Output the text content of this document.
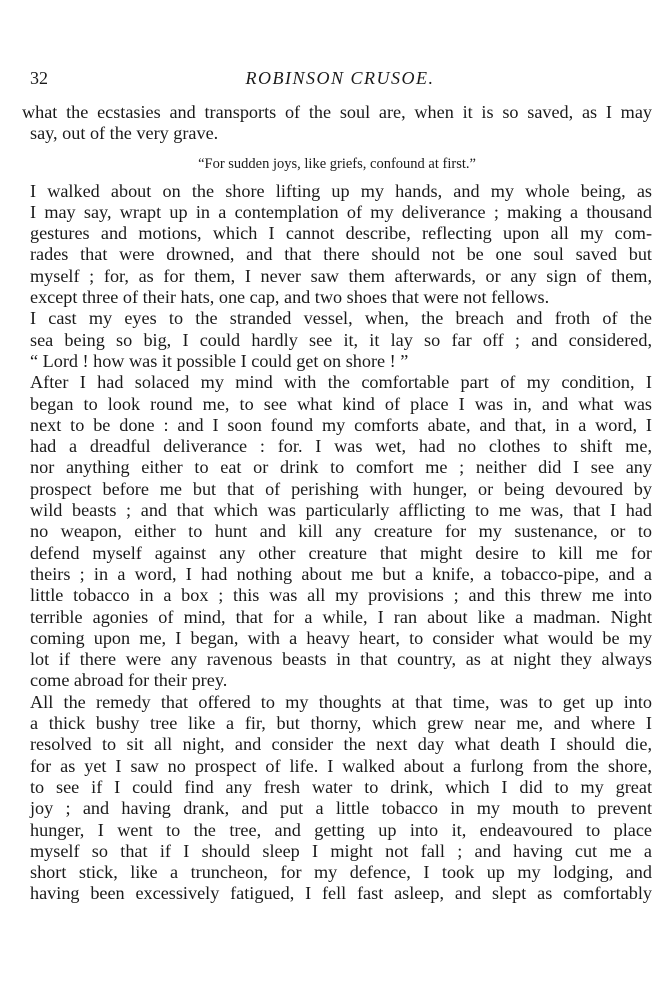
32	ROBINSON CRUSOE.
what the ecstasies and transports of the soul are, when it is so saved, as I may
say, out of the very grave.
“For sudden joys, like griefs, confound at first.”
I walked about on the shore lifting up my hands, and my whole being, as
I may say, wrapt up in a contemplation of my deliverance ; making a thousand
gestures and motions, which I cannot describe, reflecting upon all my com-
rades that were drowned, and that there should not be one soul saved but
myself ; for, as for them, I never saw them afterwards, or any sign of them,
except three of their hats, one cap, and two shoes that were not fellows.
I cast my eyes to the stranded vessel, when, the breach and froth of the
sea being so big, I could hardly see it, it lay so far off ; and considered,
“ Lord ! how was it possible I could get on shore ! ”
After I had solaced my mind with the comfortable part of my condition, I
began to look round me, to see what kind of place I was in, and what was
next to be done : and I soon found my comforts abate, and that, in a word, I
had a dreadful deliverance : for. I was wet, had no clothes to shift me,
nor anything either to eat or drink to comfort me ; neither did I see any
prospect before me but that of perishing with hunger, or being devoured by
wild beasts ; and that which was particularly afflicting to me was, that I had
no weapon, either to hunt and kill any creature for my sustenance, or to
defend myself against any other creature that might desire to kill me for
theirs ; in a word, I had nothing about me but a knife, a tobacco-pipe, and a
little tobacco in a box ; this was all my provisions ; and this threw me into
terrible agonies of mind, that for a while, I ran about like a madman. Night
coming upon me, I began, with a heavy heart, to consider what would be my
lot if there were any ravenous beasts in that country, as at night they always
come abroad for their prey.
All the remedy that offered to my thoughts at that time, was to get up into
a thick bushy tree like a fir, but thorny, which grew near me, and where I
resolved to sit all night, and consider the next day what death I should die,
for as yet I saw no prospect of life. I walked about a furlong from the shore,
to see if I could find any fresh water to drink, which I did to my great
joy ; and having drank, and put a little tobacco in my mouth to prevent
hunger, I went to the tree, and getting up into it, endeavoured to place
myself so that if I should sleep I might not fall ; and having cut me a
short stick, like a truncheon, for my defence, I took up my lodging, and
having been excessively fatigued, I fell fast asleep, and slept as comfortably
